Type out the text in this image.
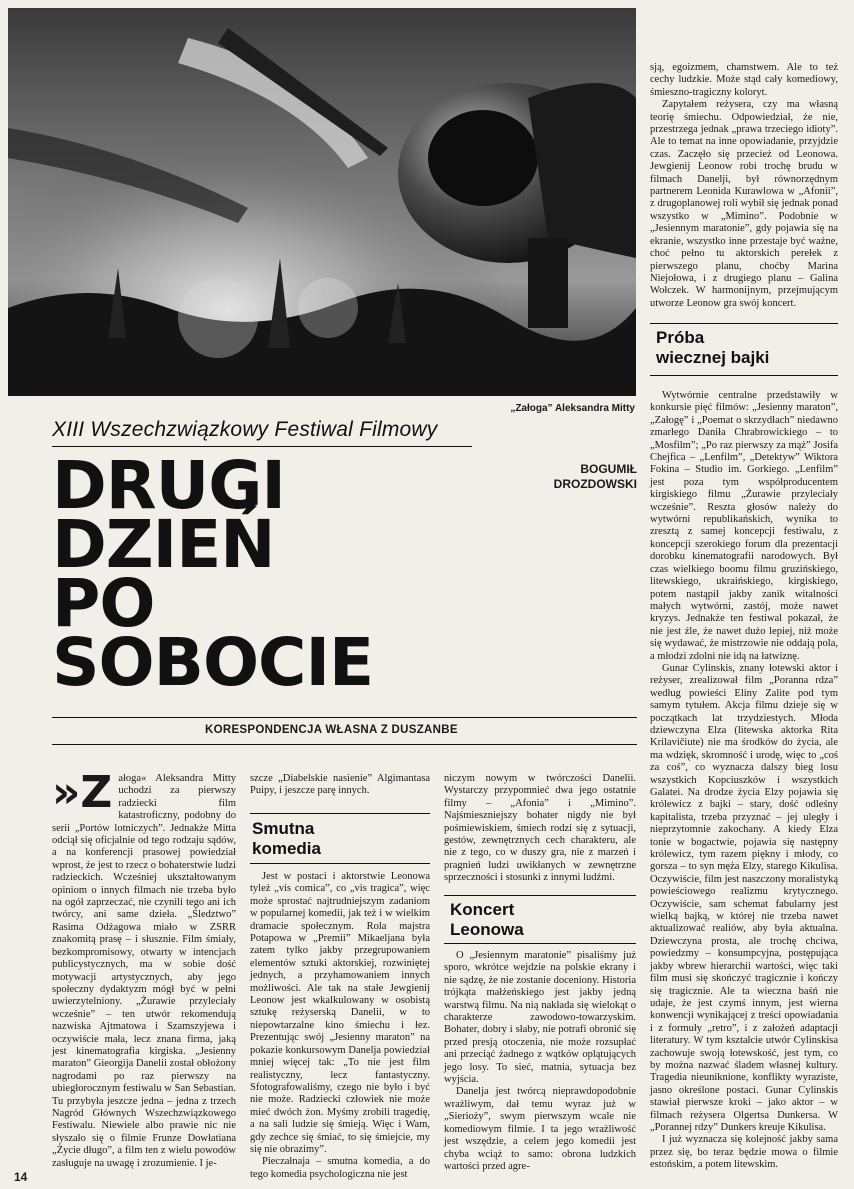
„Załoga” Aleksandra Mitty
XIII Wszechzwiązkowy Festiwal Filmowy
DRUGI
DZIEŃ
PO
SOBOCIE
BOGUMIŁ
DROZDOWSKI
KORESPONDENCJA WŁASNA Z DUSZANBE
»Z ałoga« Aleksandra Mitty uchodzi za pierwszy radziecki film katastroficzny, podobny do serii „Portów lotniczych”. Jednakże Mitta odciął się oficjalnie od tego rodzaju sądów, a na konferencji prasowej powiedział wprost, że jest to rzecz o bohaterstwie ludzi radzieckich. Wcześniej ukształtowanym opiniom o innych filmach nie trzeba było na ogół zaprzeczać, nie czynili tego ani ich twórcy, ani same dzieła. „Śledztwo” Rasima Odżagowa miało w ZSRR znakomitą prasę – i słusznie. Film śmiały, bezkompromisowy, otwarty w intencjach publicystycznych, ma w sobie dość motywacji artystycznych, aby jego społeczny dydaktyzm mógł być w pełni uwierzytelniony. „Żurawie przyleciały wcześnie” – ten utwór rekomendują nazwiska Ajtmatowa i Szamszyjewa i oczywiście mała, lecz znana firma, jaką jest kinematografia kirgiska. „Jesienny maraton” Gieorgija Danelii został obłożony nagrodami po raz pierwszy na ubiegłorocznym festiwalu w San Sebastian. Tu przybyła jeszcze jedna – jedna z trzech Nagród Głównych Wszechzwiązkowego Festiwalu. Niewiele albo prawie nic nie słyszało się o filmie Frunze Dowłatiana „Życie długo”, a film ten z wielu powodów zasługuje na uwagę i zrozumienie. I je-

szcze „Diabelskie nasienie” Algimantasa Puipy, i jeszcze parę innych.

Smutna
komedia

Jest w postaci i aktorstwie Leonowa tyleż „vis comica”, co „vis tragica”, więc może sprostać najtrudniejszym zadaniom w popularnej komedii, jak też i w wielkim dramacie społecznym. Rola majstra Potapowa w „Premii” Mikaeljana była zatem tylko jakby przegrupowaniem elementów sztuki aktorskiej, rozwiniętej jednych, a przyhamowaniem innych możliwości. Ale tak na stałe Jewgienij Leonow jest wkalkulowany w osobistą sztukę reżyserską Danelii, w to niepowtarzalne kino śmiechu i łez. Prezentując swój „Jesienny maraton” na pokazie konkursowym Danelja powiedział mniej więcej tak: „To nie jest film realistyczny, lecz fantastyczny. Sfotografowaliśmy, czego nie było i być nie może. Radziecki człowiek nie może mieć dwóch żon. Myśmy zrobili tragedię, a na sali ludzie się śmieją. Więc i Wam, gdy zechce się śmiać, to się śmiejcie, my się nie obrazimy”.

Pieczałnaja – smutna komedia, a do tego komedia psychologiczna nie jest

niczym nowym w twórczości Danelii. Wystarczy przypomnieć dwa jego ostatnie filmy – „Afonia” i „Mimino”. Najśmieszniejszy bohater nigdy nie był pośmiewiskiem, śmiech rodzi się z sytuacji, gestów, zewnętrznych cech charakteru, ale nie z tego, co w duszy gra, nie z marzeń i pragnień ludzi uwikłanych w zewnętrzne sprzeczności i stosunki z innymi ludźmi.

Koncert
Leonowa

O „Jesiennym maratonie” pisaliśmy już sporo, wkrótce wejdzie na polskie ekrany i nie sądzę, że nie zostanie doceniony. Historia trójkąta małżeńskiego jest jakby jedną warstwą filmu. Na nią nakłada się wielokąt o charakterze zawodowo-towarzyskim. Bohater, dobry i słaby, nie potrafi obronić się przed presją otoczenia, nie może rozsupłać ani przeciąć żadnego z wątków oplątujących jego losy. To sieć, matnia, sytuacja bez wyjścia.

Danelja jest twórcą nieprawdopodobnie wrażliwym, dał temu wyraz już w „Sierioży”, swym pierwszym wcale nie komediowym filmie. I ta jego wrażliwość jest wszędzie, a celem jego komedii jest chyba wciąż to samo: obrona ludzkich wartości przed agre-

sją, egoizmem, chamstwem. Ale to też cechy ludzkie. Może stąd cały komediowy, śmieszno-tragiczny koloryt.

Zapytałem reżysera, czy ma własną teorię śmiechu. Odpowiedział, że nie, przestrzega jednak „prawa trzeciego idioty”. Ale to temat na inne opowiadanie, przyjdzie czas. Zaczęło się przecież od Leonowa. Jewgienij Leonow robi trochę brudu w filmach Danelji, był równorzędnym partnerem Leonida Kurawlowa w „Afonii”, z drugoplanowej roli wybił się jednak ponad wszystko w „Mimino”. Podobnie w „Jesiennym maratonie”, gdy pojawia się na ekranie, wszystko inne przestaje być ważne, choć pełno tu aktorskich perełek z pierwszego planu, choćby Marina Niejołowa, i z drugiego planu – Galina Wołczek. W harmonijnym, przejmującym utworze Leonow gra swój koncert.

Próba
wiecznej bajki

Wytwórnie centralne przedstawiły w konkursie pięć filmów: „Jesienny maraton”, „Załogę” i „Poemat o skrzydłach” niedawno zmarłego Daniła Chrabrowickiego – to „Mosfilm”; „Po raz pierwszy za mąż” Josifa Chejfica – „Lenfilm”, „Detektyw” Wiktora Fokina – Studio im. Gorkiego. „Lenfilm” jest poza tym współproducentem kirgiskiego filmu „Żurawie przyleciały wcześnie”. Reszta głosów należy do wytwórni republikańskich, wynika to zresztą z samej koncepcji festiwalu, z koncepcji szerokiego forum dla prezentacji dorobku kinematografii narodowych. Był czas wielkiego boomu filmu gruzińskiego, litewskiego, ukraińskiego, kirgiskiego, potem nastąpił jakby zanik witalności małych wytwórni, zastój, może nawet kryzys. Jednakże ten festiwal pokazał, że nie jest źle, że nawet dużo lepiej, niż może się wydawać, że mistrzowie nie oddają pola, a młodzi zdolni nie idą na łatwiznę.

Gunar Cylinskis, znany łotewski aktor i reżyser, zrealizował film „Poranna rdza” według powieści Eliny Zalite pod tym samym tytułem. Akcja filmu dzieje się w początkach lat trzydziestych. Młoda dziewczyna Elza (litewska aktorka Rita Krilavičiute) nie ma środków do życia, ale ma wdzięk, skromność i urodę, więc to „coś za coś”, co wyznacza dalszy bieg losu wszystkich Kopciuszków i wszystkich Galatei. Na drodze życia Elzy pojawia się królewicz z bajki – stary, dość odleśny kapitalista, trzeba przyznać – jej uległy i nieprzytomnie zakochany. A kiedy Elza tonie w bogactwie, pojawia się następny królewicz, tym razem piękny i młody, co gorsza – to syn męża Elzy, starego Kikulisa. Oczywiście, film jest naszczony moralistyką powieściowego realizmu krytycznego. Oczywiście, sam schemat fabularny jest wielką bajką, w której nie trzeba nawet aktualizować realiów, aby była aktualna. Dziewczyna prosta, ale trochę chciwa, powiedzmy – konsumpcyjna, postępująca jakby wbrew hierarchii wartości, więc taki film musi się skończyć tragicznie i kończy się tragicznie. Ale ta wieczna baśń nie udaje, że jest czymś innym, jest wierna konwencji wynikającej z treści opowiadania i z formuły „retro”, i z założeń adaptacji literatury. W tym kształcie utwór Cylinskisa zachowuje swoją łotewskość, jest tym, co by można nazwać śladem własnej kultury. Tragedia nieuniknione, konflikty wyraziste, jasno określone postaci. Gunar Cylinskis stawiał pierwsze kroki – jako aktor – w filmach reżysera Olgertsa Dunkersa. W „Porannej rdzy” Dunkers kreuje Kikulisa.

I już wyznacza się kolejność jakby sama przez się, bo teraz będzie mowa o filmie estońskim, a potem litewskim.

14
